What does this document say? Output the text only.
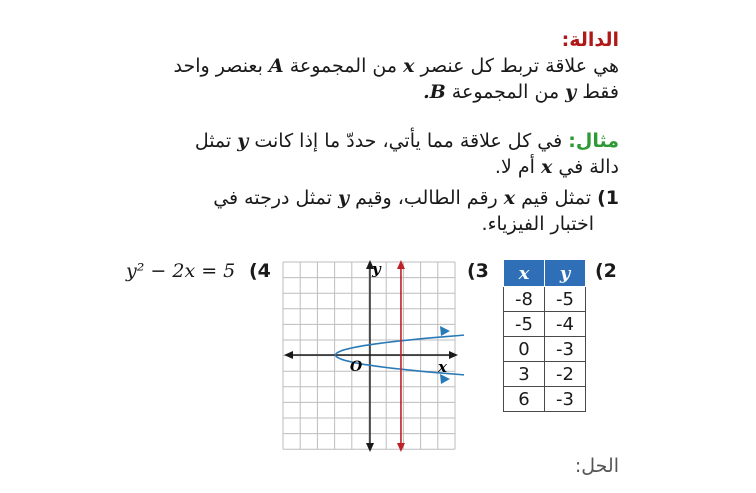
الدالة:
هي علاقة تربط كل عنصر x من المجموعة A بعنصر واحد
فقط y من المجموعة B.
مثال: في كل علاقة مما يأتي، حددّ ما إذا كانت y تمثل
دالة في x أم لا.
1) تمثل قيم x رقم الطالب، وقيم y تمثل درجته في
اختبار الفيزياء.
(2
(3
(4
y² − 2x = 5	x	y
-8	-5
-5	-4
0	-3
3	-2
6	-3
y
x
O
الحل:
